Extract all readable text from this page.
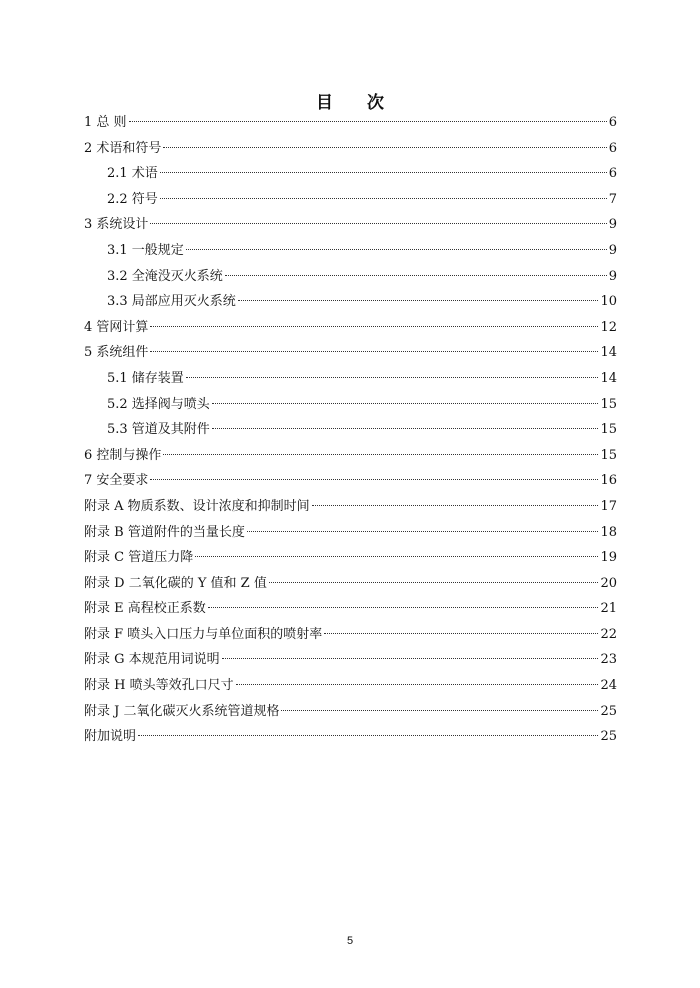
目 次
1 总 则	6
2 术语和符号	6
2.1 术语	6
2.2 符号	7
3 系统设计	9
3.1 一般规定	9
3.2 全淹没灭火系统	9
3.3 局部应用灭火系统	10
4 管网计算	12
5 系统组件	14
5.1 储存装置	14
5.2 选择阀与喷头	15
5.3 管道及其附件	15
6 控制与操作	15
7 安全要求	16
附录 A 物质系数、设计浓度和抑制时间	17
附录 B 管道附件的当量长度	18
附录 C 管道压力降	19
附录 D 二氧化碳的 Y 值和 Z 值	20
附录 E 高程校正系数	21
附录 F 喷头入口压力与单位面积的喷射率	22
附录 G 本规范用词说明	23
附录 H 喷头等效孔口尺寸	24
附录 J 二氧化碳灭火系统管道规格	25
附加说明	25
5
